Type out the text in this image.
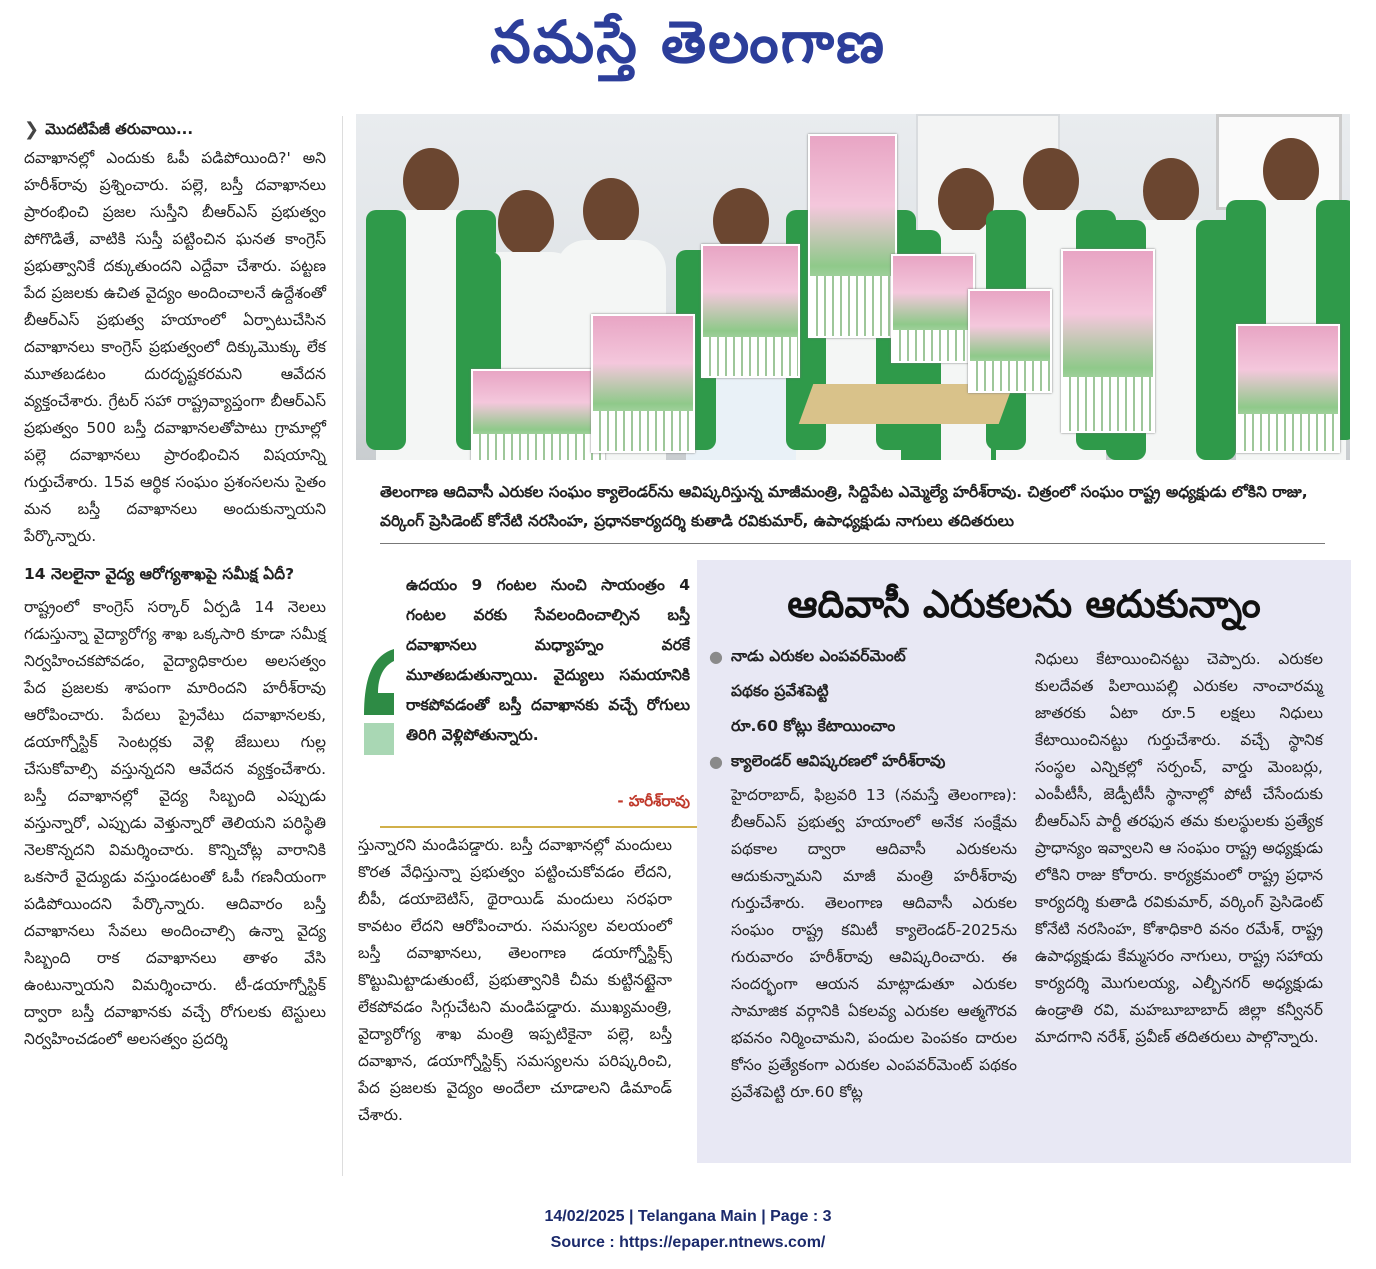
నమస్తే తెలంగాణ
❯ మొదటిపేజీ తరువాయి...

దవాఖానల్లో ఎందుకు ఓపీ పడిపోయింది?' అని హరీశ్‌రావు ప్రశ్నించారు. పల్లె, బస్తీ దవాఖానలు ప్రారంభించి ప్రజల సుస్తీని బీఆర్‌ఎస్‌ ప్రభుత్వం పోగొడితే, వాటికి సుస్తీ పట్టించిన ఘనత కాంగ్రెస్‌ ప్రభుత్వానికే దక్కుతుందని ఎద్దేవా చేశారు. పట్టణ పేద ప్రజలకు ఉచిత వైద్యం అందించాలనే ఉద్దేశంతో బీఆర్‌ఎస్‌ ప్రభుత్వ హయాంలో ఏర్పాటుచేసిన దవాఖానలు కాంగ్రెస్‌ ప్రభుత్వంలో దిక్కుమొక్కు లేక మూతబడటం దురదృష్టకరమని ఆవేదన వ్యక్తంచేశారు. గ్రేటర్‌ సహా రాష్ట్రవ్యాప్తంగా బీఆర్‌ఎస్‌ ప్రభుత్వం 500 బస్తీ దవాఖానలతోపాటు గ్రామాల్లో పల్లె దవాఖానలు ప్రారంభించిన విషయాన్ని గుర్తుచేశారు. 15వ ఆర్థిక సంఘం ప్రశంసలను సైతం మన బస్తీ దవాఖానలు అందుకున్నాయని పేర్కొన్నారు.

14 నెలలైనా వైద్య ఆరోగ్యశాఖపై సమీక్ష ఏదీ?

రాష్ట్రంలో కాంగ్రెస్‌ సర్కార్‌ ఏర్పడి 14 నెలలు గడుస్తున్నా వైద్యారోగ్య శాఖ ఒక్కసారి కూడా సమీక్ష నిర్వహించకపోవడం, వైద్యాధికారుల అలసత్వం పేద ప్రజలకు శాపంగా మారిందని హరీశ్‌రావు ఆరోపించారు. పేదలు ప్రైవేటు దవాఖానలకు, డయాగ్నోస్టిక్‌ సెంటర్లకు వెళ్లి జేబులు గుల్ల చేసుకోవాల్సి వస్తున్నదని ఆవేదన వ్యక్తంచేశారు. బస్తీ దవాఖానల్లో వైద్య సిబ్బంది ఎప్పుడు వస్తున్నారో, ఎప్పుడు వెళ్తున్నారో తెలియని పరిస్థితి నెలకొన్నదని విమర్శించారు. కొన్నిచోట్ల వారానికి ఒకసారే వైద్యుడు వస్తుండటంతో ఓపీ గణనీయంగా పడిపోయిందని పేర్కొన్నారు. ఆదివారం బస్తీ దవాఖానలు సేవలు అందించాల్సి ఉన్నా వైద్య సిబ్బంది రాక దవాఖానలు తాళం వేసి ఉంటున్నాయని విమర్శించారు. టీ-డయాగ్నోస్టిక్‌ ద్వారా బస్తీ దవాఖానకు వచ్చే రోగులకు టెస్టులు నిర్వహించడంలో అలసత్వం ప్రదర్శి

తెలంగాణ ఆదివాసీ ఎరుకల సంఘం క్యాలెండర్‌ను ఆవిష్కరిస్తున్న మాజీమంత్రి, సిద్దిపేట ఎమ్మెల్యే హరీశ్‌రావు. చిత్రంలో సంఘం రాష్ట్ర అధ్యక్షుడు లోకిని రాజు, వర్కింగ్‌ ప్రెసిడెంట్‌ కోనేటి నరసింహ, ప్రధానకార్యదర్శి కుతాడి రవికుమార్‌, ఉపాధ్యక్షుడు నాగులు తదితరులు
ఉదయం 9 గంటల నుంచి సాయంత్రం 4 గంటల వరకు సేవలందించాల్సిన బస్తీ దవాఖానలు మధ్యాహ్నం వరకే మూతబడుతున్నాయి. వైద్యులు సమయానికి రాకపోవడంతో బస్తీ దవాఖానకు వచ్చే రోగులు తిరిగి వెళ్లిపోతున్నారు.
- హరీశ్‌రావు

స్తున్నారని మండిపడ్డారు. బస్తీ దవాఖానల్లో మందులు కొరత వేధిస్తున్నా ప్రభుత్వం పట్టించుకోవడం లేదని, బీపీ, డయాబెటిస్‌, థైరాయిడ్‌ మందులు సరఫరా కావటం లేదని ఆరోపించారు. సమస్యల వలయంలో బస్తీ దవాఖానలు, తెలంగాణ డయాగ్నోస్టిక్స్‌ కొట్టుమిట్టాడుతుంటే, ప్రభుత్వానికి చీమ కుట్టినట్టైనా లేకపోవడం సిగ్గుచేటని మండిపడ్డారు. ముఖ్యమంత్రి, వైద్యారోగ్య శాఖ మంత్రి ఇప్పటికైనా పల్లె, బస్తీ దవాఖాన, డయాగ్నోస్టిక్స్‌ సమస్యలను పరిష్కరించి, పేద ప్రజలకు వైద్యం అందేలా చూడాలని డిమాండ్‌ చేశారు.

ఆదివాసీ ఎరుకలను ఆదుకున్నాం
● నాడు ఎరుకల ఎంపవర్‌మెంట్‌
పథకం ప్రవేశపెట్టి
రూ.60 కోట్లు కేటాయించాం
● క్యాలెండర్‌ ఆవిష్కరణలో హరీశ్‌రావు
హైదరాబాద్‌, ఫిబ్రవరి 13 (నమస్తే తెలంగాణ): బీఆర్‌ఎస్‌ ప్రభుత్వ హయాంలో అనేక సంక్షేమ పథకాల ద్వారా ఆదివాసీ ఎరుకలను ఆదుకున్నామని మాజీ మంత్రి హరీశ్‌రావు గుర్తుచేశారు. తెలంగాణ ఆదివాసీ ఎరుకల సంఘం రాష్ట్ర కమిటీ క్యాలెండర్‌-2025ను గురువారం హరీశ్‌రావు ఆవిష్కరించారు. ఈ సందర్భంగా ఆయన మాట్లాడుతూ ఎరుకల సామాజిక వర్గానికి ఏకలవ్య ఎరుకల ఆత్మగౌరవ భవనం నిర్మించామని, పందుల పెంపకం దారుల కోసం ప్రత్యేకంగా ఎరుకల ఎంపవర్‌మెంట్‌ పథకం ప్రవేశపెట్టి రూ.60 కోట్ల
నిధులు కేటాయించినట్టు చెప్పారు. ఎరుకల కులదేవత పిలాయిపల్లి ఎరుకల నాంచారమ్మ జాతరకు ఏటా రూ.5 లక్షలు నిధులు కేటాయించినట్టు గుర్తుచేశారు. వచ్చే స్థానిక సంస్థల ఎన్నికల్లో సర్పంచ్‌, వార్డు మెంబర్లు, ఎంపీటీసీ, జెడ్పీటీసీ స్థానాల్లో పోటీ చేసేందుకు బీఆర్‌ఎస్‌ పార్టీ తరఫున తమ కులస్థులకు ప్రత్యేక ప్రాధాన్యం ఇవ్వాలని ఆ సంఘం రాష్ట్ర అధ్యక్షుడు లోకిని రాజు కోరారు. కార్యక్రమంలో రాష్ట్ర ప్రధాన కార్యదర్శి కుతాడి రవికుమార్‌, వర్కింగ్‌ ప్రెసిడెంట్‌ కోనేటి నరసింహ, కోశాధికారి వనం రమేశ్‌, రాష్ట్ర ఉపాధ్యక్షుడు కేమ్మసరం నాగులు, రాష్ట్ర సహాయ కార్యదర్శి మొగులయ్య, ఎల్బీనగర్‌ అధ్యక్షుడు ఉండ్రాతి రవి, మహబూబాబాద్‌ జిల్లా కన్వీనర్‌ మాదగాని నరేశ్‌, ప్రవీణ్‌ తదితరులు పాల్గొన్నారు.
14/02/2025 | Telangana Main | Page : 3
Source : https://epaper.ntnews.com/
